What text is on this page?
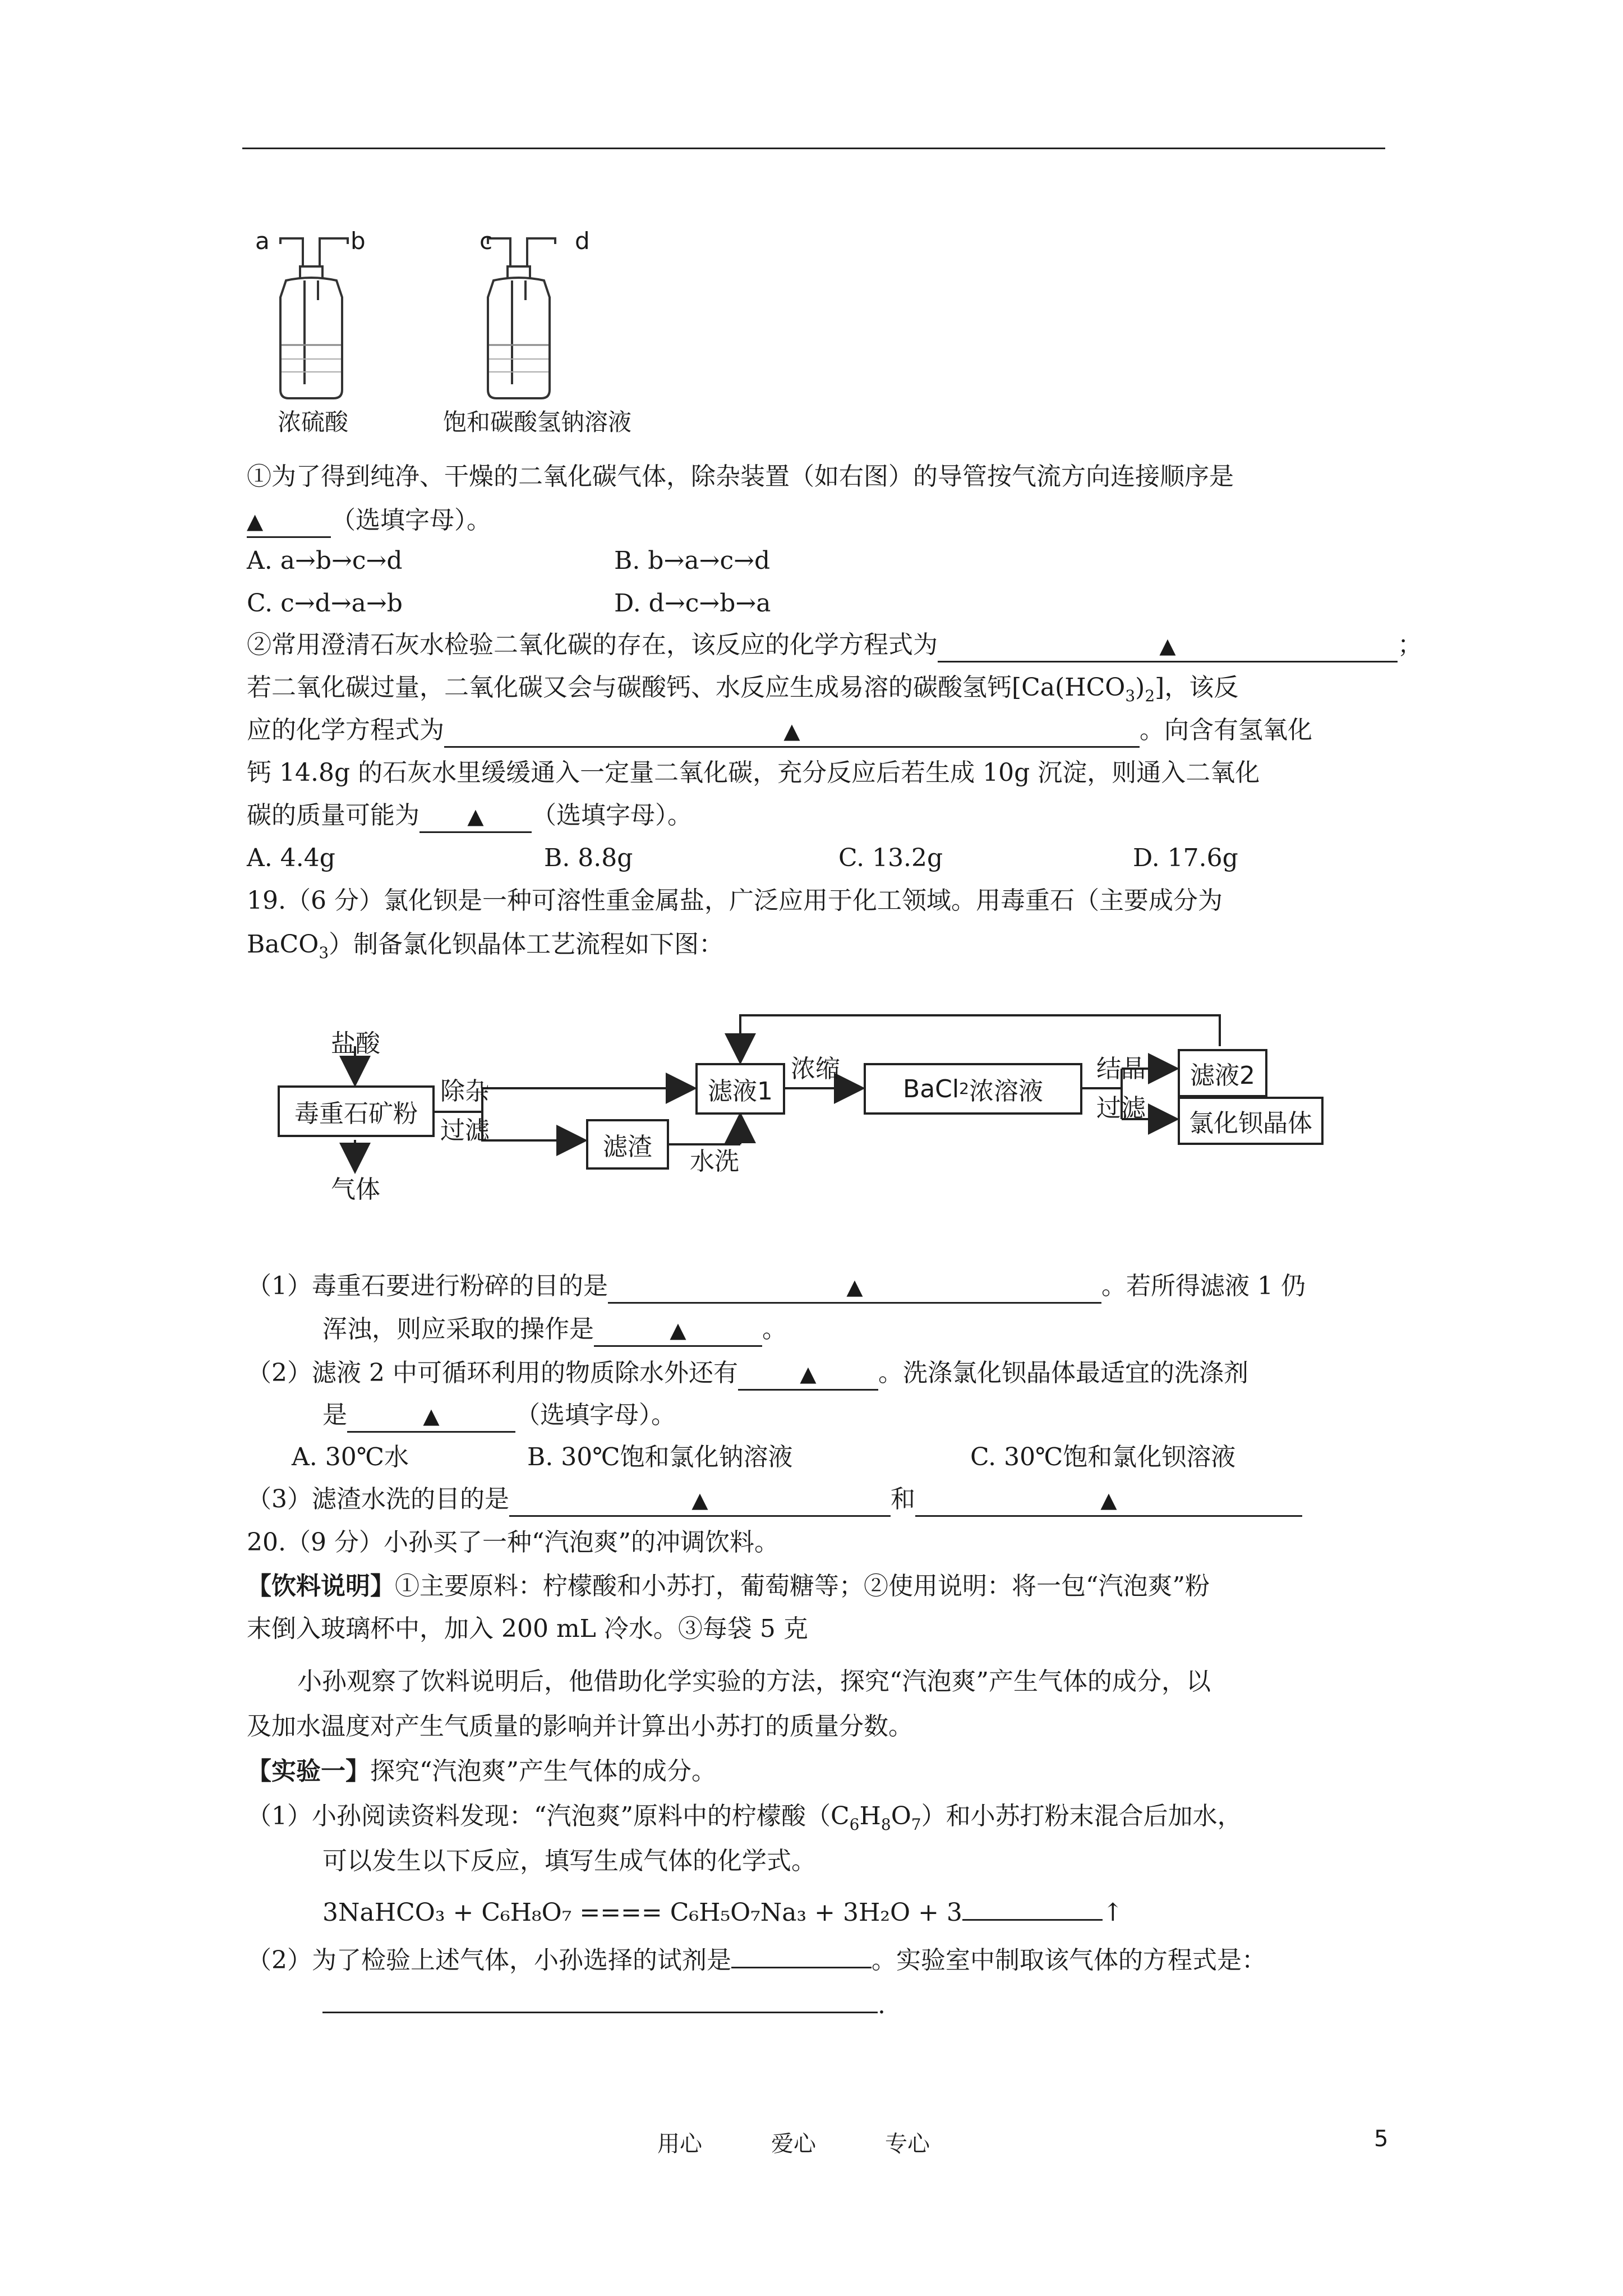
a	b	c	d
浓硫酸	饱和碳酸氢钠溶液
①为了得到纯净、干燥的二氧化碳气体，除杂装置（如右图）的导管按气流方向连接顺序是
▲	（选填字母）。
A. a→b→c→d	B. b→a→c→d
C. c→d→a→b	D. d→c→b→a
②常用澄清石灰水检验二氧化碳的存在，该反应的化学方程式为	▲	；
若二氧化碳过量，二氧化碳又会与碳酸钙、水反应生成易溶的碳酸氢钙$[Ca(HCO_3)_2]$，该反
应的化学方程式为	▲	。向含有氢氧化
钙 14.8g 的石灰水里缓缓通入一定量二氧化碳，充分反应后若生成 10g 沉淀，则通入二氧化
碳的质量可能为 ▲ （选填字母）。
A. 4.4g	B. 8.8g	C. 13.2g	D. 17.6g
19.（6 分）氯化钡是一种可溶性重金属盐，广泛应用于化工领域。用毒重石（主要成分为
BaCO$_3$）制备氯化钡晶体工艺流程如下图：
盐酸
毒重石矿粉
气体
除杂
过滤
滤液1
滤渣
水洗
浓缩
BaCl 2 浓溶液
结晶
过滤
滤液2
氯化钡晶体
（1）毒重石要进行粉碎的目的是	▲	。若所得滤液 1 仍
浑浊，则应采取的操作是	▲	。
（2）滤液 2 中可循环利用的物质除水外还有	▲	。洗涤氯化钡晶体最适宜的洗涤剂
是	▲	（选填字母）。
A. 30℃水	B. 30℃饱和氯化钠溶液	C. 30℃饱和氯化钡溶液
（3）滤渣水洗的目的是	▲	和	▲
20.（9 分）小孙买了一种“汽泡爽”的冲调饮料。
【饮料说明】①主要原料：柠檬酸和小苏打，葡萄糖等；②使用说明：将一包“汽泡爽”粉
末倒入玻璃杯中，加入 200 mL 冷水。③每袋 5 克
小孙观察了饮料说明后，他借助化学实验的方法，探究“汽泡爽”产生气体的成分，以
及加水温度对产生气质量的影响并计算出小苏打的质量分数。
【实验一】探究“汽泡爽”产生气体的成分。
（1）小孙阅读资料发现：“汽泡爽”原料中的柠檬酸$(C_6H_8O_7)$和小苏打粉末混合后加水，
可以发生以下反应，填写生成气体的化学式。
3NaHCO₃ + C₆H₈O₇ ==== C₆H₅O₇Na₃ + 3H₂O + 3	↑
（2）为了检验上述气体，小孙选择的试剂是	。实验室中制取该气体的方程式是：
.
用心	爱心	专心	5
